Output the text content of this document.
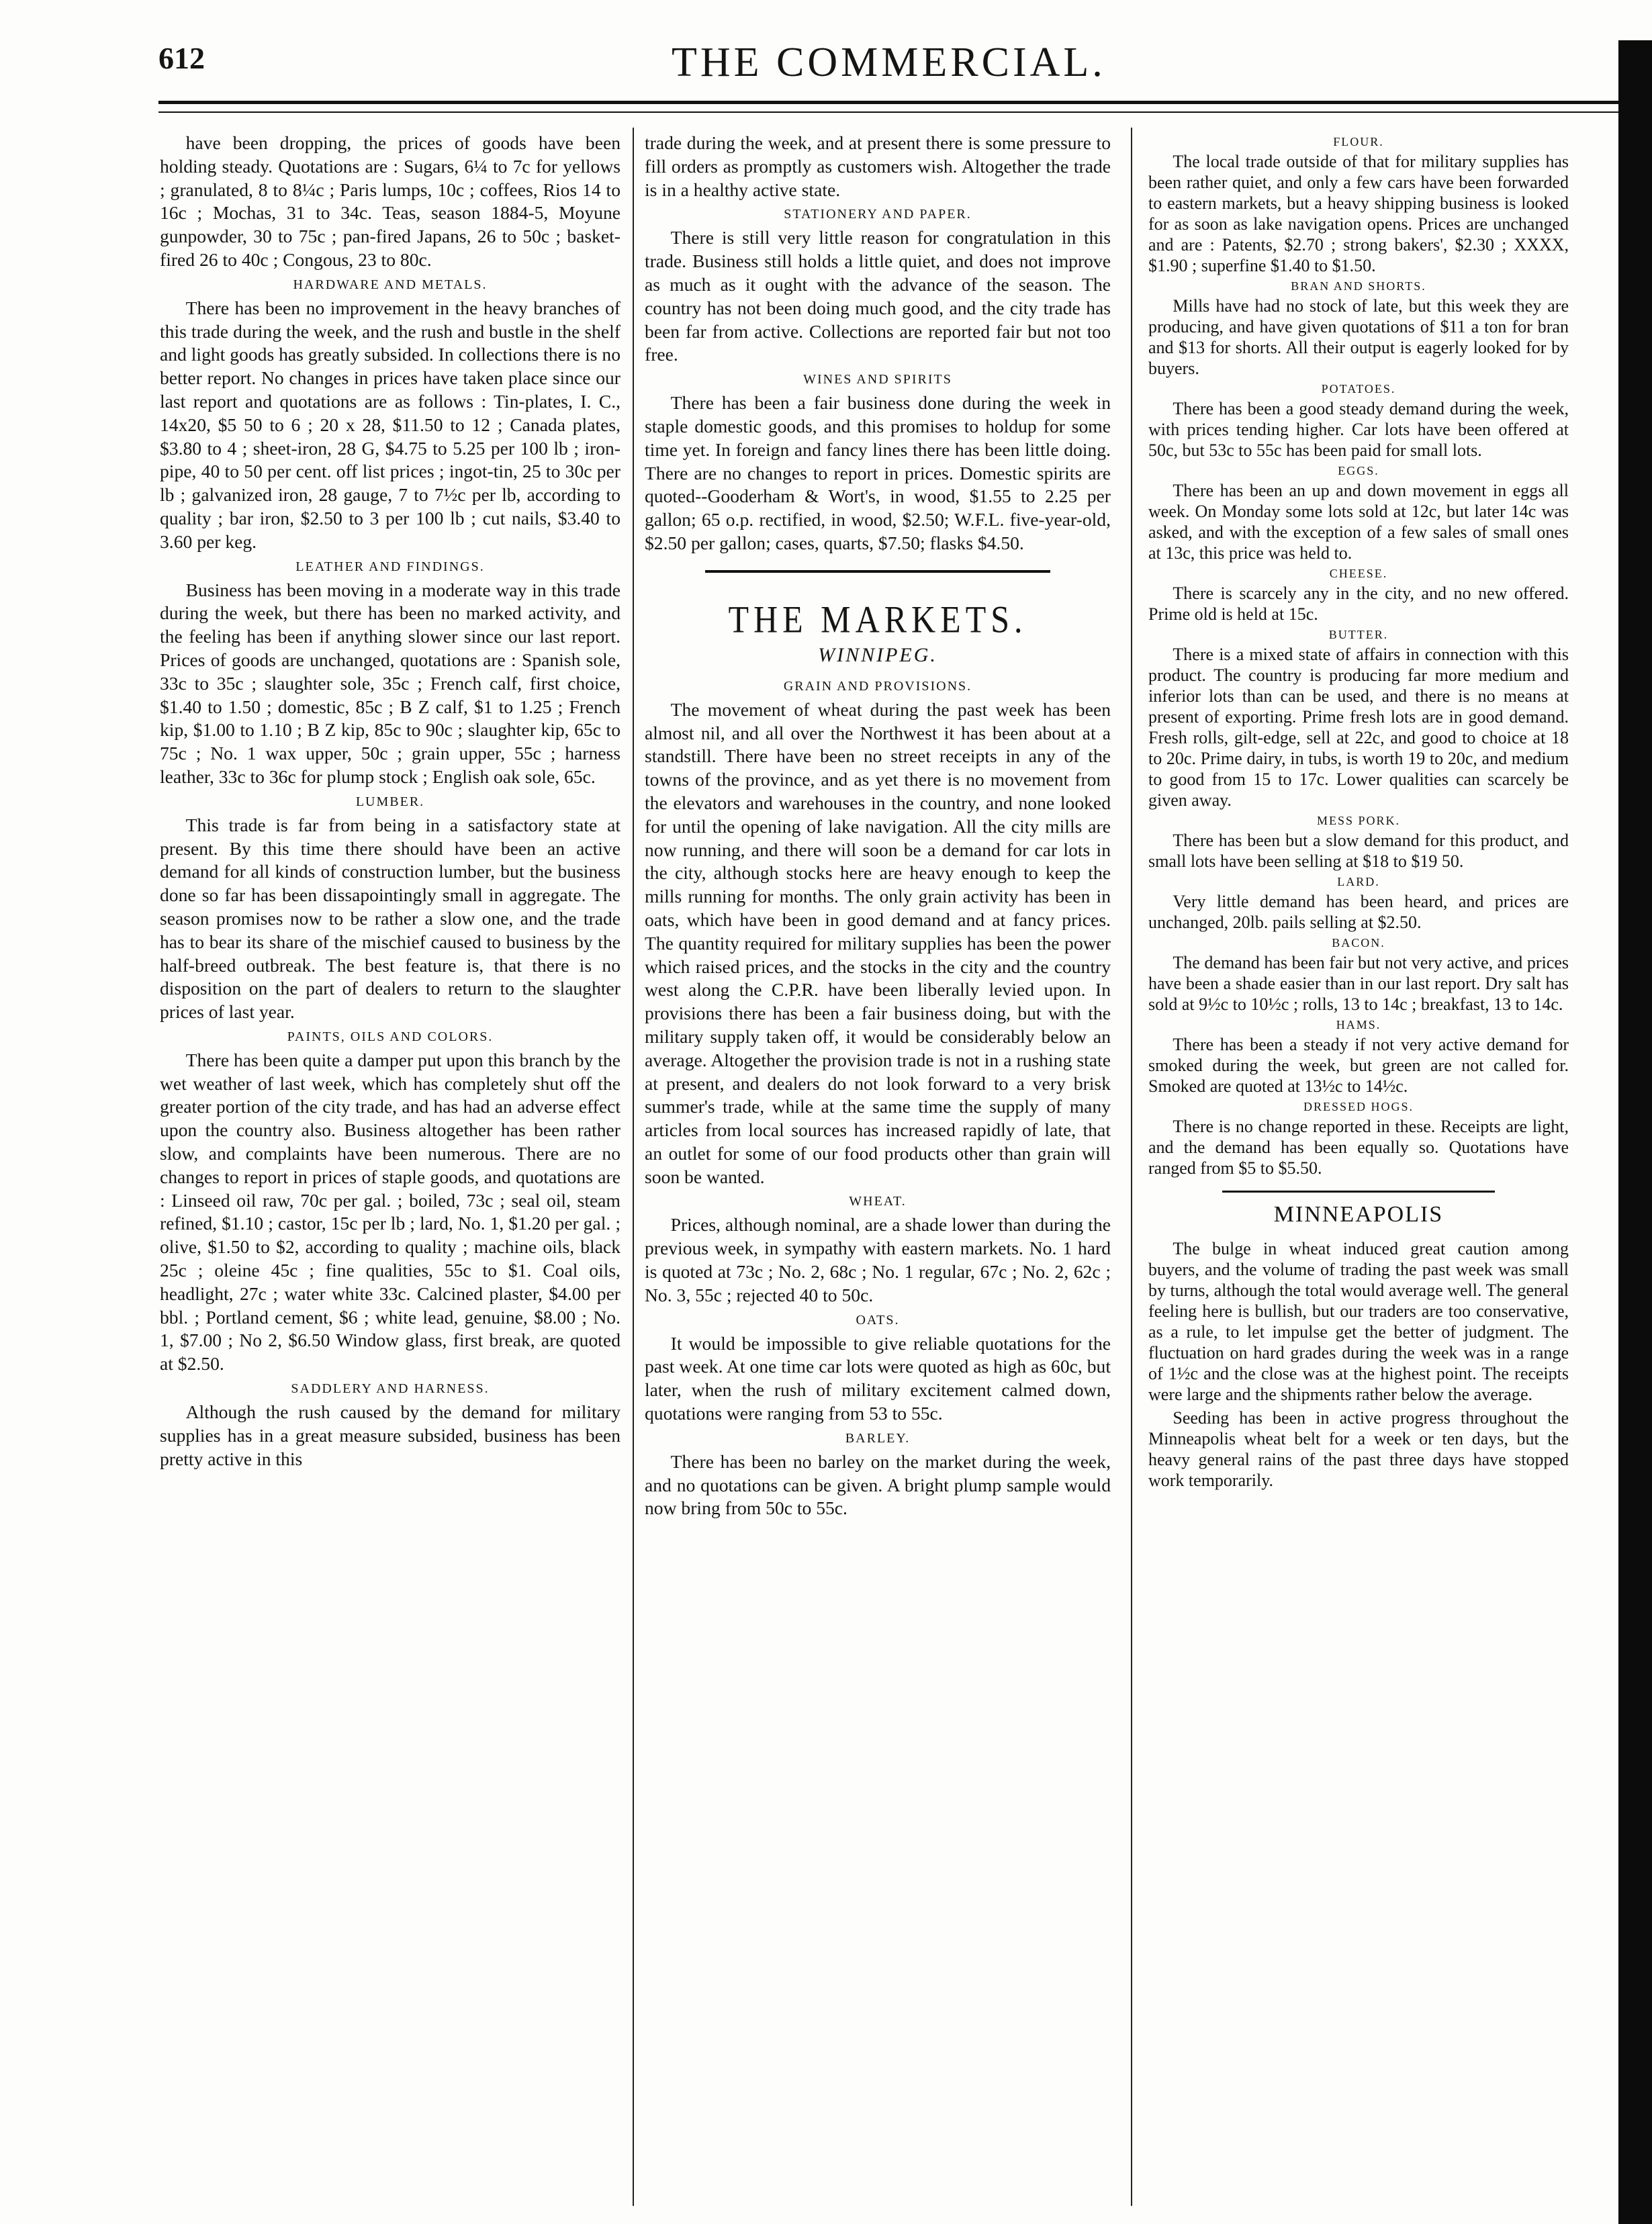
612	THE COMMERCIAL.

have been dropping, the prices of goods have been holding steady. Quotations are : Sugars, 6¼ to 7c for yellows ; granulated, 8 to 8¼c ; Paris lumps, 10c ; coffees, Rios 14 to 16c ; Mochas, 31 to 34c. Teas, season 1884-5, Moyune gunpowder, 30 to 75c ; pan-fired Japans, 26 to 50c ; basket-fired 26 to 40c ; Congous, 23 to 80c.

HARDWARE AND METALS.

There has been no improvement in the heavy branches of this trade during the week, and the rush and bustle in the shelf and light goods has greatly subsided. In collections there is no better report. No changes in prices have taken place since our last report and quotations are as follows : Tin-plates, I. C., 14x20, $5 50 to 6 ; 20 x 28, $11.50 to 12 ; Canada plates, $3.80 to 4 ; sheet-iron, 28 G, $4.75 to 5.25 per 100 lb ; iron-pipe, 40 to 50 per cent. off list prices ; ingot-tin, 25 to 30c per lb ; galvanized iron, 28 gauge, 7 to 7½c per lb, according to quality ; bar iron, $2.50 to 3 per 100 lb ; cut nails, $3.40 to 3.60 per keg.

LEATHER AND FINDINGS.

Business has been moving in a moderate way in this trade during the week, but there has been no marked activity, and the feeling has been if anything slower since our last report. Prices of goods are unchanged, quotations are : Spanish sole, 33c to 35c ; slaughter sole, 35c ; French calf, first choice, $1.40 to 1.50 ; domestic, 85c ; B Z calf, $1 to 1.25 ; French kip, $1.00 to 1.10 ; B Z kip, 85c to 90c ; slaughter kip, 65c to 75c ; No. 1 wax upper, 50c ; grain upper, 55c ; harness leather, 33c to 36c for plump stock ; English oak sole, 65c.

LUMBER.

This trade is far from being in a satisfactory state at present. By this time there should have been an active demand for all kinds of construction lumber, but the business done so far has been dissapointingly small in aggregate. The season promises now to be rather a slow one, and the trade has to bear its share of the mischief caused to business by the half-breed outbreak. The best feature is, that there is no disposition on the part of dealers to return to the slaughter prices of last year.

PAINTS, OILS AND COLORS.

There has been quite a damper put upon this branch by the wet weather of last week, which has completely shut off the greater portion of the city trade, and has had an adverse effect upon the country also. Business altogether has been rather slow, and complaints have been numerous. There are no changes to report in prices of staple goods, and quotations are : Linseed oil raw, 70c per gal. ; boiled, 73c ; seal oil, steam refined, $1.10 ; castor, 15c per lb ; lard, No. 1, $1.20 per gal. ; olive, $1.50 to $2, according to quality ; machine oils, black 25c ; oleine 45c ; fine qualities, 55c to $1. Coal oils, headlight, 27c ; water white 33c. Calcined plaster, $4.00 per bbl. ; Portland cement, $6 ; white lead, genuine, $8.00 ; No. 1, $7.00 ; No 2, $6.50 Window glass, first break, are quoted at $2.50.

SADDLERY AND HARNESS.

Although the rush caused by the demand for military supplies has in a great measure subsided, business has been pretty active in this

trade during the week, and at present there is some pressure to fill orders as promptly as customers wish. Altogether the trade is in a healthy active state.

STATIONERY AND PAPER.

There is still very little reason for congratulation in this trade. Business still holds a little quiet, and does not improve as much as it ought with the advance of the season. The country has not been doing much good, and the city trade has been far from active. Collections are reported fair but not too free.

WINES AND SPIRITS

There has been a fair business done during the week in staple domestic goods, and this promises to holdup for some time yet. In foreign and fancy lines there has been little doing. There are no changes to report in prices. Domestic spirits are quoted--Gooderham & Wort's, in wood, $1.55 to 2.25 per gallon; 65 o.p. rectified, in wood, $2.50; W.F.L. five-year-old, $2.50 per gallon; cases, quarts, $7.50; flasks $4.50.

THE MARKETS.
WINNIPEG.
GRAIN AND PROVISIONS.

The movement of wheat during the past week has been almost nil, and all over the Northwest it has been about at a standstill. There have been no street receipts in any of the towns of the province, and as yet there is no movement from the elevators and warehouses in the country, and none looked for until the opening of lake navigation. All the city mills are now running, and there will soon be a demand for car lots in the city, although stocks here are heavy enough to keep the mills running for months. The only grain activity has been in oats, which have been in good demand and at fancy prices. The quantity required for military supplies has been the power which raised prices, and the stocks in the city and the country west along the C.P.R. have been liberally levied upon. In provisions there has been a fair business doing, but with the military supply taken off, it would be considerably below an average. Altogether the provision trade is not in a rushing state at present, and dealers do not look forward to a very brisk summer's trade, while at the same time the supply of many articles from local sources has increased rapidly of late, that an outlet for some of our food products other than grain will soon be wanted.

WHEAT.

Prices, although nominal, are a shade lower than during the previous week, in sympathy with eastern markets. No. 1 hard is quoted at 73c ; No. 2, 68c ; No. 1 regular, 67c ; No. 2, 62c ; No. 3, 55c ; rejected 40 to 50c.

OATS.

It would be impossible to give reliable quotations for the past week. At one time car lots were quoted as high as 60c, but later, when the rush of military excitement calmed down, quotations were ranging from 53 to 55c.

BARLEY.

There has been no barley on the market during the week, and no quotations can be given. A bright plump sample would now bring from 50c to 55c.

FLOUR.

The local trade outside of that for military supplies has been rather quiet, and only a few cars have been forwarded to eastern markets, but a heavy shipping business is looked for as soon as lake navigation opens. Prices are unchanged and are : Patents, $2.70 ; strong bakers', $2.30 ; XXXX, $1.90 ; superfine $1.40 to $1.50.

BRAN AND SHORTS.

Mills have had no stock of late, but this week they are producing, and have given quotations of $11 a ton for bran and $13 for shorts. All their output is eagerly looked for by buyers.

POTATOES.

There has been a good steady demand during the week, with prices tending higher. Car lots have been offered at 50c, but 53c to 55c has been paid for small lots.

EGGS.

There has been an up and down movement in eggs all week. On Monday some lots sold at 12c, but later 14c was asked, and with the exception of a few sales of small ones at 13c, this price was held to.

CHEESE.

There is scarcely any in the city, and no new offered. Prime old is held at 15c.

BUTTER.

There is a mixed state of affairs in connection with this product. The country is producing far more medium and inferior lots than can be used, and there is no means at present of exporting. Prime fresh lots are in good demand. Fresh rolls, gilt-edge, sell at 22c, and good to choice at 18 to 20c. Prime dairy, in tubs, is worth 19 to 20c, and medium to good from 15 to 17c. Lower qualities can scarcely be given away.

MESS PORK.

There has been but a slow demand for this product, and small lots have been selling at $18 to $19 50.

LARD.

Very little demand has been heard, and prices are unchanged, 20lb. pails selling at $2.50.

BACON.

The demand has been fair but not very active, and prices have been a shade easier than in our last report. Dry salt has sold at 9½c to 10½c ; rolls, 13 to 14c ; breakfast, 13 to 14c.

HAMS.

There has been a steady if not very active demand for smoked during the week, but green are not called for. Smoked are quoted at 13½c to 14½c.

DRESSED HOGS.

There is no change reported in these. Receipts are light, and the demand has been equally so. Quotations have ranged from $5 to $5.50.

MINNEAPOLIS

The bulge in wheat induced great caution among buyers, and the volume of trading the past week was small by turns, although the total would average well. The general feeling here is bullish, but our traders are too conservative, as a rule, to let impulse get the better of judgment. The fluctuation on hard grades during the week was in a range of 1½c and the close was at the highest point. The receipts were large and the shipments rather below the average.

Seeding has been in active progress throughout the Minneapolis wheat belt for a week or ten days, but the heavy general rains of the past three days have stopped work temporarily.
